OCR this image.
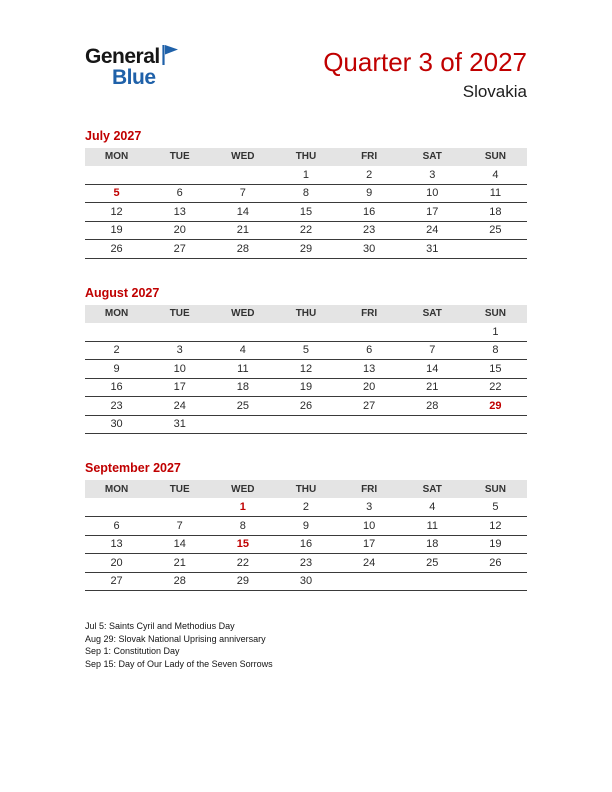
General
Blue
Quarter 3 of 2027
Slovakia
July 2027
MON	TUE	WED	THU	FRI	SAT	SUN
			1	2	3	4
5	6	7	8	9	10	11
12	13	14	15	16	17	18
19	20	21	22	23	24	25
26	27	28	29	30	31	
August 2027
MON	TUE	WED	THU	FRI	SAT	SUN
						1
2	3	4	5	6	7	8
9	10	11	12	13	14	15
16	17	18	19	20	21	22
23	24	25	26	27	28	29
30	31					
September 2027
MON	TUE	WED	THU	FRI	SAT	SUN
		1	2	3	4	5
6	7	8	9	10	11	12
13	14	15	16	17	18	19
20	21	22	23	24	25	26
27	28	29	30			
Jul 5: Saints Cyril and Methodius Day
Aug 29: Slovak National Uprising anniversary
Sep 1: Constitution Day
Sep 15: Day of Our Lady of the Seven Sorrows
